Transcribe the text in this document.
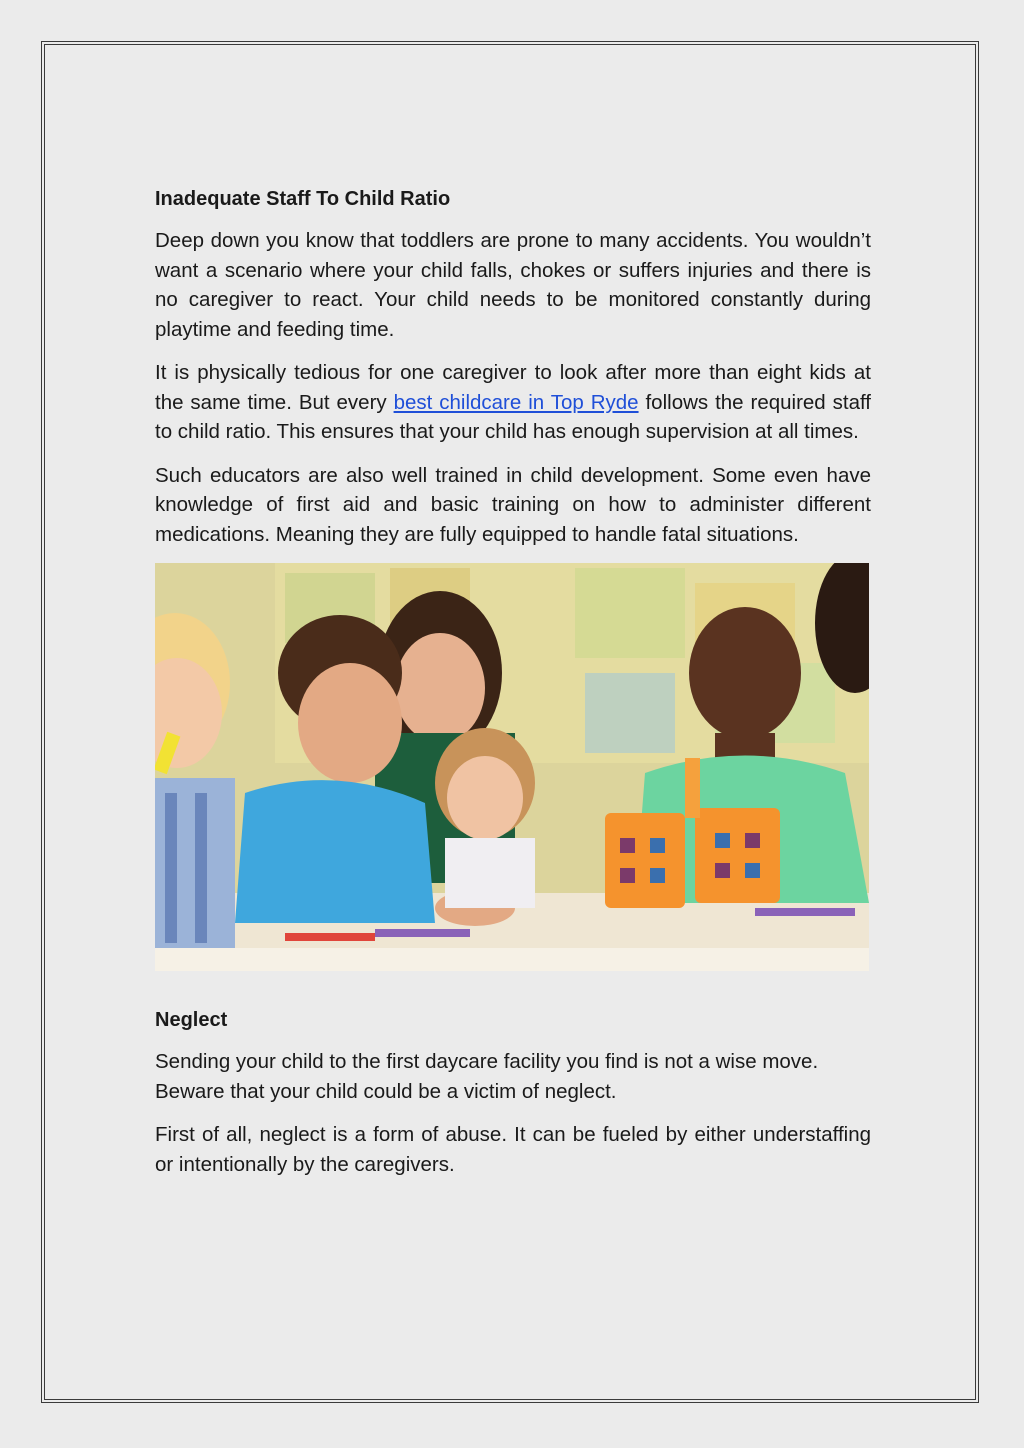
Inadequate Staff To Child Ratio

Deep down you know that toddlers are prone to many accidents. You wouldn’t want a scenario where your child falls, chokes or suffers injuries and there is no caregiver to react. Your child needs to be monitored constantly during playtime and feeding time.

It is physically tedious for one caregiver to look after more than eight kids at the same time. But every best childcare in Top Ryde follows the required staff to child ratio. This ensures that your child has enough supervision at all times.

Such educators are also well trained in child development. Some even have knowledge of first aid and basic training on how to administer different medications. Meaning they are fully equipped to handle fatal situations.

Neglect

Sending your child to the first daycare facility you find is not a wise move. Beware that your child could be a victim of neglect.

First of all, neglect is a form of abuse. It can be fueled by either understaffing or intentionally by the caregivers.
